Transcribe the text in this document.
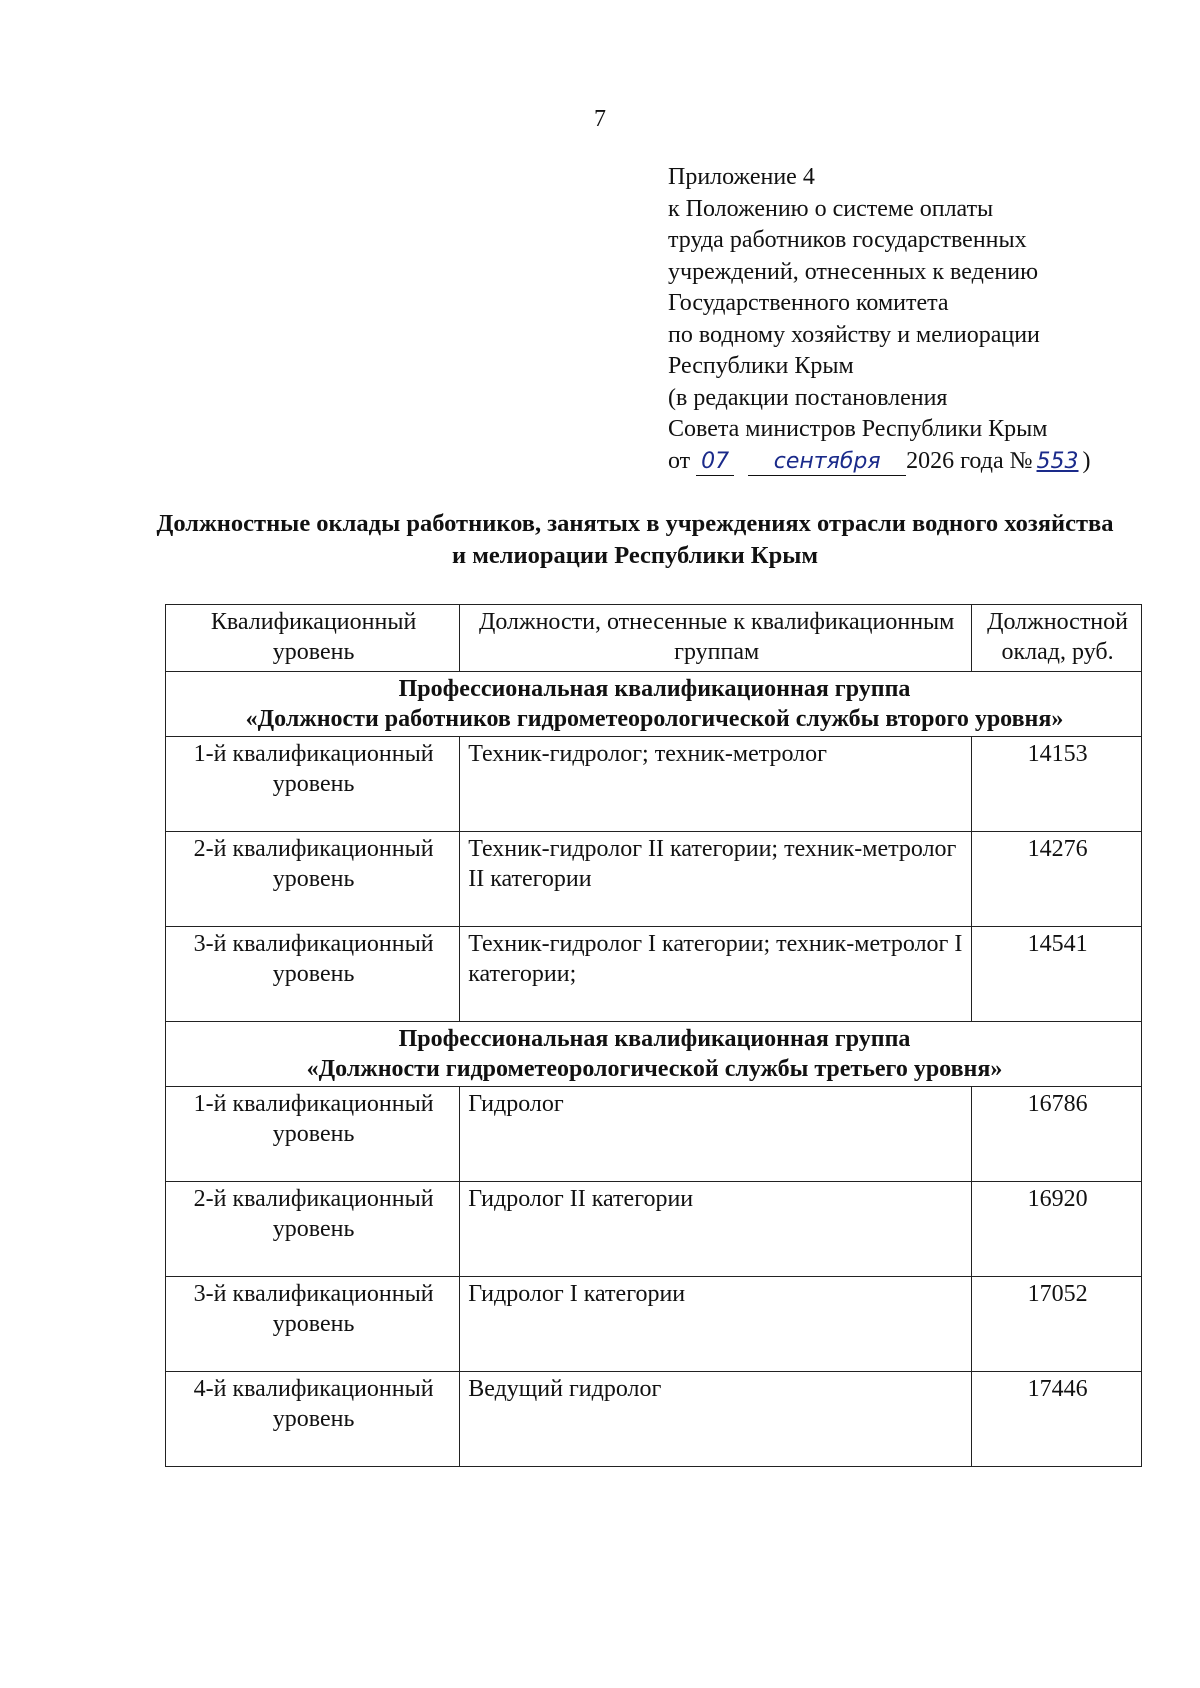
7
Приложение 4
к Положению о системе оплаты
труда работников государственных
учреждений, отнесенных к ведению
Государственного комитета
по водному хозяйству и мелиорации
Республики Крым
(в редакции постановления
Совета министров Республики Крым
от 07 сентября 2026 года № 553 )
Должностные оклады работников, занятых в учреждениях отрасли водного хозяйства и мелиорации Республики Крым
Квалификационный уровень	Должности, отнесенные к квалификационным группам	Должностной оклад, руб.

Профессиональная квалификационная группа
«Должности работников гидрометеорологической службы второго уровня»		

1-й квалификационный уровень	Техник-гидролог; техник-метролог	14153
2-й квалификационный уровень	Техник-гидролог II категории; техник-метролог II категории	14276
3-й квалификационный уровень	Техник-гидролог I категории; техник-метролог I категории;	14541

Профессиональная квалификационная группа
«Должности гидрометеорологической службы третьего уровня»		

1-й квалификационный уровень	Гидролог	16786
2-й квалификационный уровень	Гидролог II категории	16920
3-й квалификационный уровень	Гидролог I категории	17052
4-й квалификационный уровень	Ведущий гидролог	17446
